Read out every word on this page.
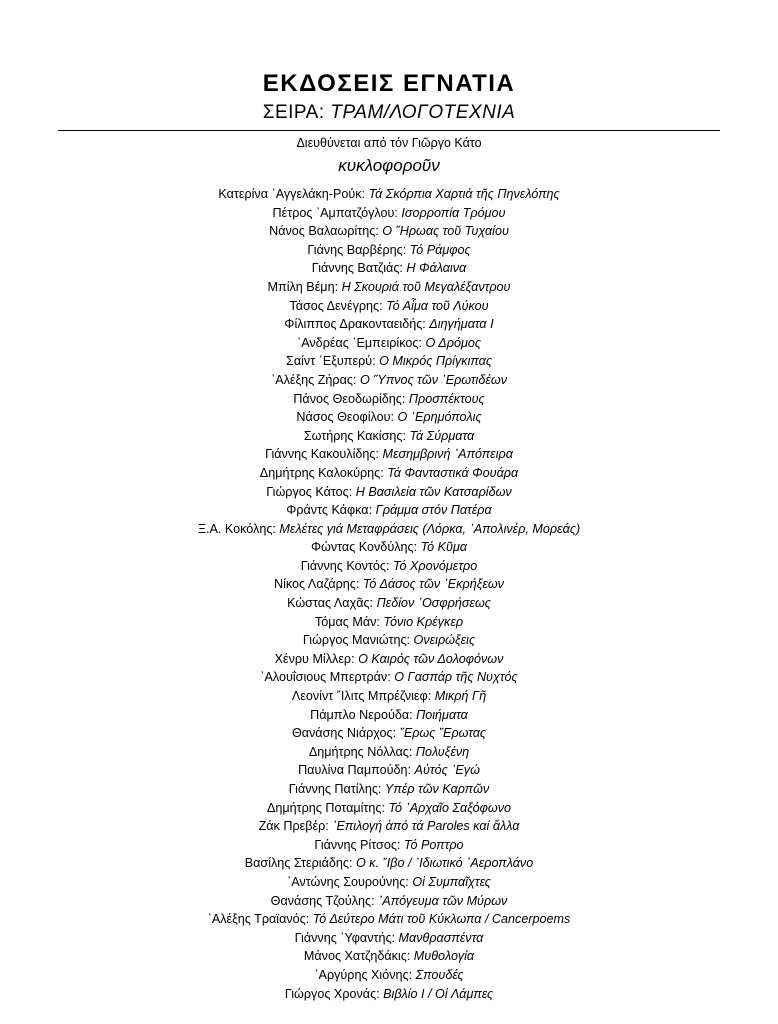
ΕΚΔΟΣΕΙΣ ΕΓΝΑΤΙΑ
ΣΕΙΡΑ: ΤΡΑΜ/ΛΟΓΟΤΕΧΝΙΑ
Διευθύνεται από τόν Γιῶργο Κάτο
κυκλοφοροῦν
Κατερίνα ᾽Αγγελάκη-Ρούκ: Τά Σκόρπια Χαρτιά τῆς Πηνελόπης
Πέτρος ᾽Αμπατζόγλου: Ισορροπία Τρόμου
Νάνος Βαλαωρίτης: Ο ῞Ηρωας τοῦ Τυχαίου
Γιάνης Βαρβέρης: Τό Ράμφος
Γιάννης Βατζιάς: Η Φάλαινα
Μπίλη Βέμη: Η Σκουριά τοῦ Μεγαλέξαντρου
Τάσος Δενέγρης: Τό Αἷμα τοῦ Λύκου
Φίλιππος Δρακονταειδής: Διηγήματα Ι
᾽Ανδρέας ᾽Εμπειρίκος: Ο Δρόμος
Σαίντ ᾽Εξυπερύ: Ο Μικρός Πρίγκιπας
᾽Αλέξης Ζήρας: Ο ῞Υπνος τῶν ᾽Ερωτιδέων
Πάνος Θεοδωρίδης: Προσπέκτους
Νάσος Θεοφίλου: Ο ᾽Ερημόπολις
Σωτήρης Κακίσης: Τά Σύρματα
Γιάννης Κακουλίδης: Μεσημβρινή ᾽Απόπειρα
Δημήτρης Καλοκύρης: Τά Φανταστικά Φουάρα
Γιώργος Κάτος: Η Βασιλεία τῶν Κατσαρίδων
Φράντς Κάφκα: Γράμμα στόν Πατέρα
Ξ.Α. Κοκόλης: Μελέτες γιά Μεταφράσεις (Λόρκα, ᾽Απολινέρ, Μορεάς)
Φώντας Κονδύλης: Τό Κῦμα
Γιάννης Κοντός: Τό Χρονόμετρο
Νίκος Λαζάρης: Τό Δάσος τῶν ᾽Εκρήξεων
Κώστας Λαχᾶς: Πεδίον ᾽Οσφρήσεως
Τόμας Μάν: Τόνιο Κρέγκερ
Γιώργος Μανιώτης: Ονειρώξεις
Χένρυ Μίλλερ: Ο Καιρός τῶν Δολοφόνων
᾽Αλουΐσιους Μπερτράν: Ο Γασπάρ τῆς Νυχτός
Λεονίντ ῎Ιλιτς Μπρέζνιεφ: Μικρή Γῆ
Πάμπλο Νερούδα: Ποιήματα
Θανάσης Νιάρχος: ῎Ερως ῎Ερωτας
Δημήτρης Νόλλας: Πολυξένη
Παυλίνα Παμπούδη: Αὐτός ᾽Εγώ
Γιάννης Πατίλης: Υπέρ τῶν Καρπῶν
Δημήτρης Ποταμίτης: Τό ᾽Αρχαῖο Σαξόφωνο
Ζάκ Πρεβέρ: ᾽Επιλογή ἀπό τά Paroles καί ἄλλα
Γιάννης Ρίτσος: Τό Ροπτρο
Βασίλης Στεριάδης: Ο κ. ῎Ιβο / ᾽Ιδιωτικό ᾽Αεροπλάνο
᾽Αντώνης Σουρούνης: Οἱ Συμπαῖχτες
Θανάσης Τζούλης: ᾽Απόγευμα τῶν Μύρων
᾽Αλέξης Τραϊανός: Τό Δεύτερο Μάτι τοῦ Κύκλωπα / Cancerpoems
Γιάννης ῾Υφαντής: Μανθρασπέντα
Μάνος Χατζηδάκις: Μυθολογία
᾽Αργύρης Χιόνης: Σπουδές
Γιώργος Χρονάς: Βιβλίο Ι / Οἱ Λάμπες
